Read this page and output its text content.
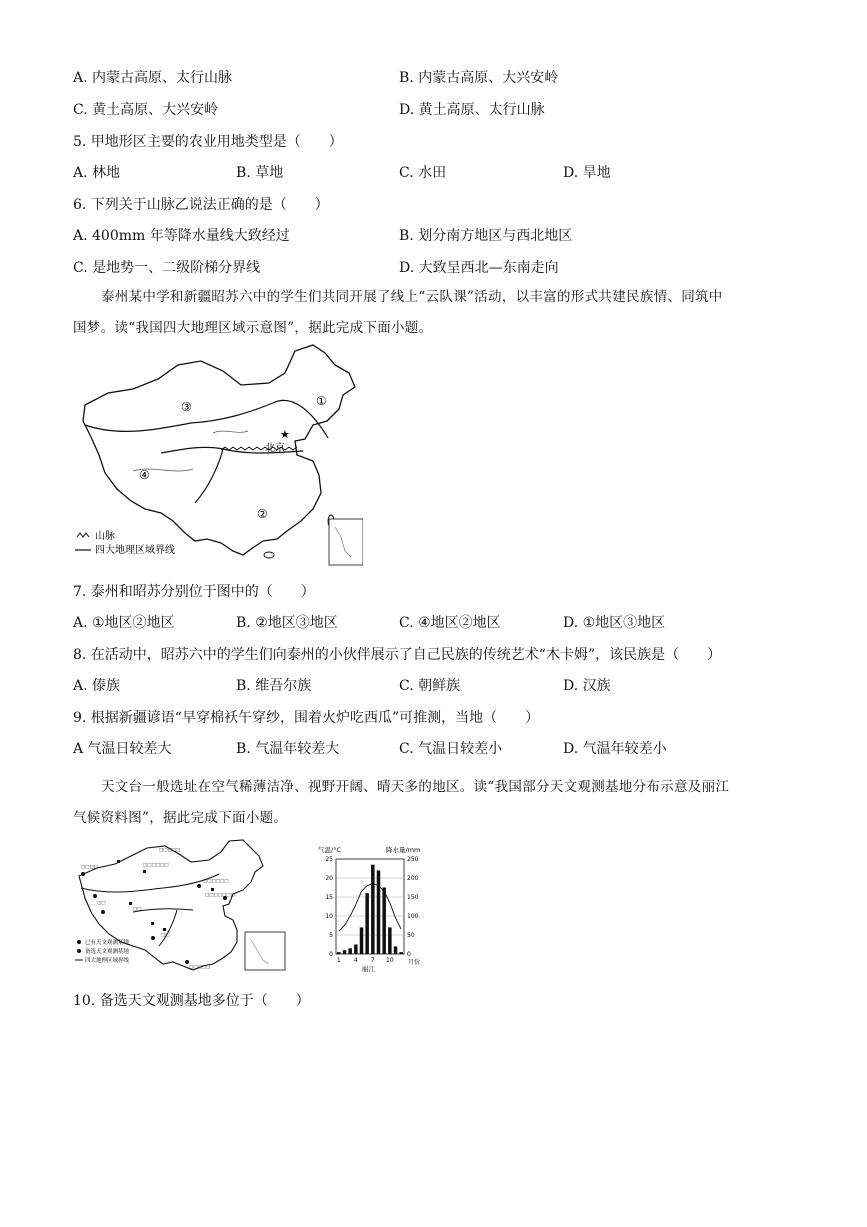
A. 内蒙古高原、太行山脉	B. 内蒙古高原、大兴安岭
C. 黄土高原、大兴安岭	D. 黄土高原、太行山脉
5. 甲地形区主要的农业用地类型是（　　）
A. 林地	B. 草地	C. 水田	D. 旱地
6. 下列关于山脉乙说法正确的是（　　）
A. 400mm 年等降水量线大致经过	B. 划分南方地区与西北地区
C. 是地势一、二级阶梯分界线	D. 大致呈西北—东南走向
泰州某中学和新疆昭苏六中的学生们共同开展了线上“云队课”活动，以丰富的形式共建民族情、同筑中国梦。读“我国四大地理区域示意图”，据此完成下面小题。
①
②
③
④
★
北京
山脉
四大地理区域界线
7. 泰州和昭苏分别位于图中的（　　）
A. ①地区②地区	B. ②地区③地区	C. ④地区②地区	D. ①地区③地区
8. 在活动中，昭苏六中的学生们向泰州的小伙伴展示了自己民族的传统艺术“木卡姆”，该民族是（　　）
A. 傣族	B. 维吾尔族	C. 朝鲜族	D. 汉族
9. 根据新疆谚语“早穿棉袄午穿纱，围着火炉吃西瓜”可推测，当地（　　）
A 气温日较差大	B. 气温年较差大	C. 气温日较差小	D. 气温年较差小
天文台一般选址在空气稀薄洁净、视野开阔、晴天多的地区。读“我国部分天文观测基地分布示意及丽江气候资料图”，据此完成下面小题。
□□□□□
□□□□	□□□□□□
□□□□□□
□□□□□□□
□□
□□
□□
□□□□□
已有天文观测基地
备选天文观测基地
四大地理区域界线
气温/°C	降水量/mm
0
5
10
15
20
25
0
50
100
150
200
250
1 4 7 10 月份
丽江
10. 备选天文观测基地多位于（　　）
